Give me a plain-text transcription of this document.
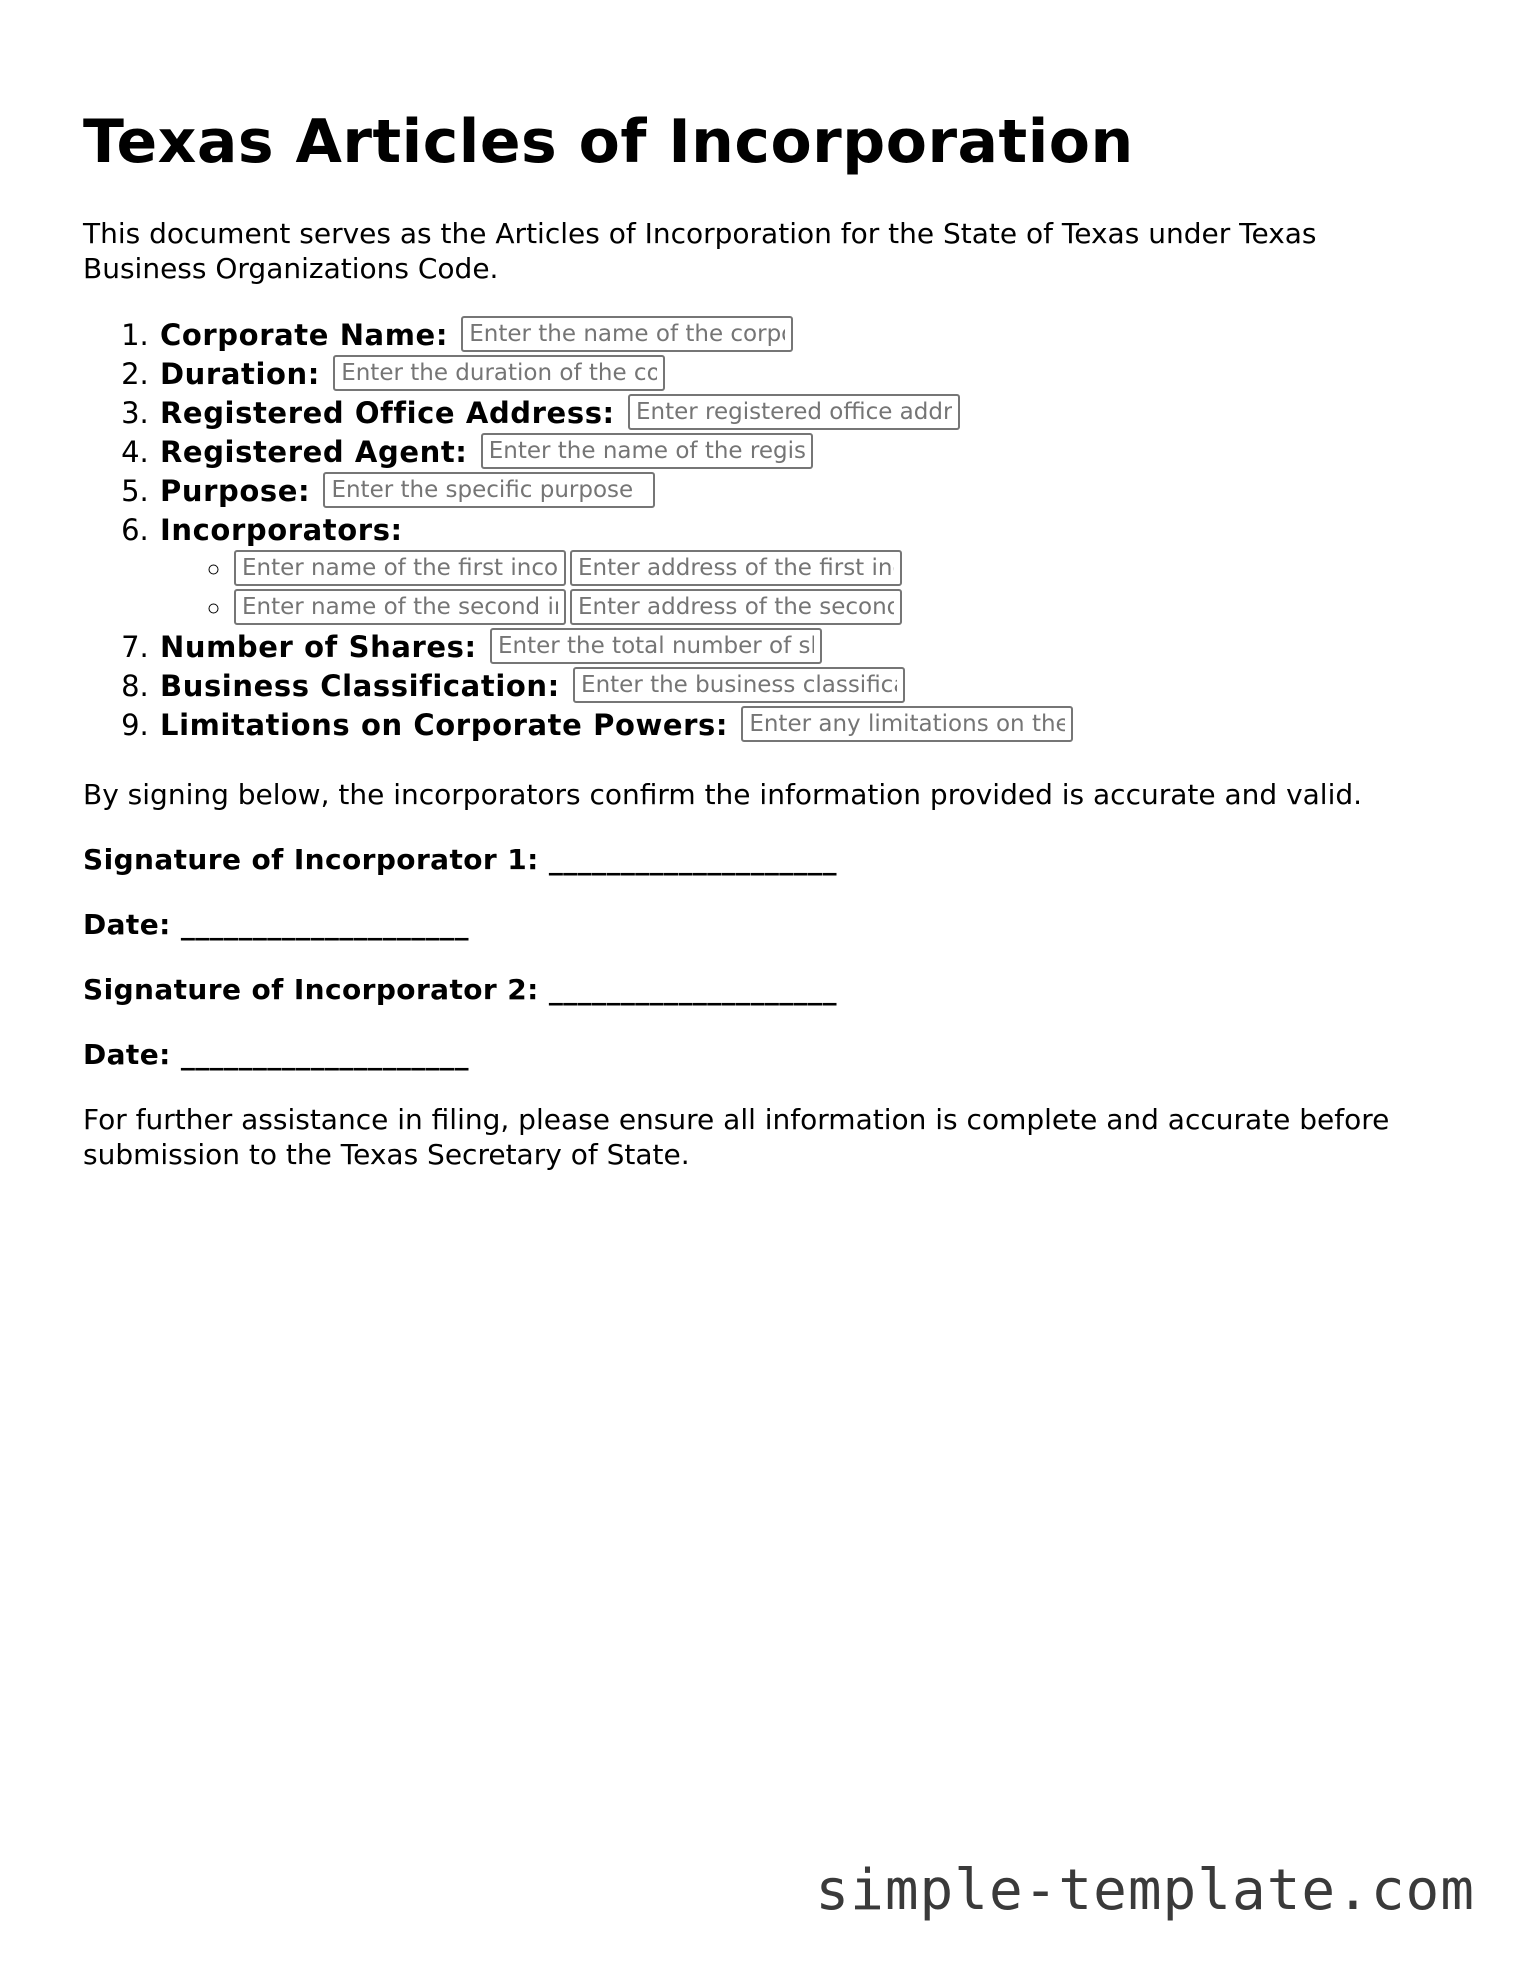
Texas Articles of Incorporation

This document serves as the Articles of Incorporation for the State of Texas under Texas Business Organizations Code.

1. Corporate Name: Enter the name of the corporation
2. Duration: Enter the duration of the corporation
3. Registered Office Address: Enter registered office address
4. Registered Agent: Enter the name of the registered agent
5. Purpose: Enter the specific purpose
6. Incorporators:
◦ Enter name of the first incorporatorEnter address of the first incorporator
◦ Enter name of the second incorporatorEnter address of the second incorporator
7. Number of Shares: Enter the total number of shares
8. Business Classification: Enter the business classification
9. Limitations on Corporate Powers: Enter any limitations on the corporate powers

By signing below, the incorporators confirm the information provided is accurate and valid.

Signature of Incorporator 1: ____________________

Date: ____________________

Signature of Incorporator 2: ____________________

Date: ____________________

For further assistance in filing, please ensure all information is complete and accurate before submission to the Texas Secretary of State.

simple-template.com
